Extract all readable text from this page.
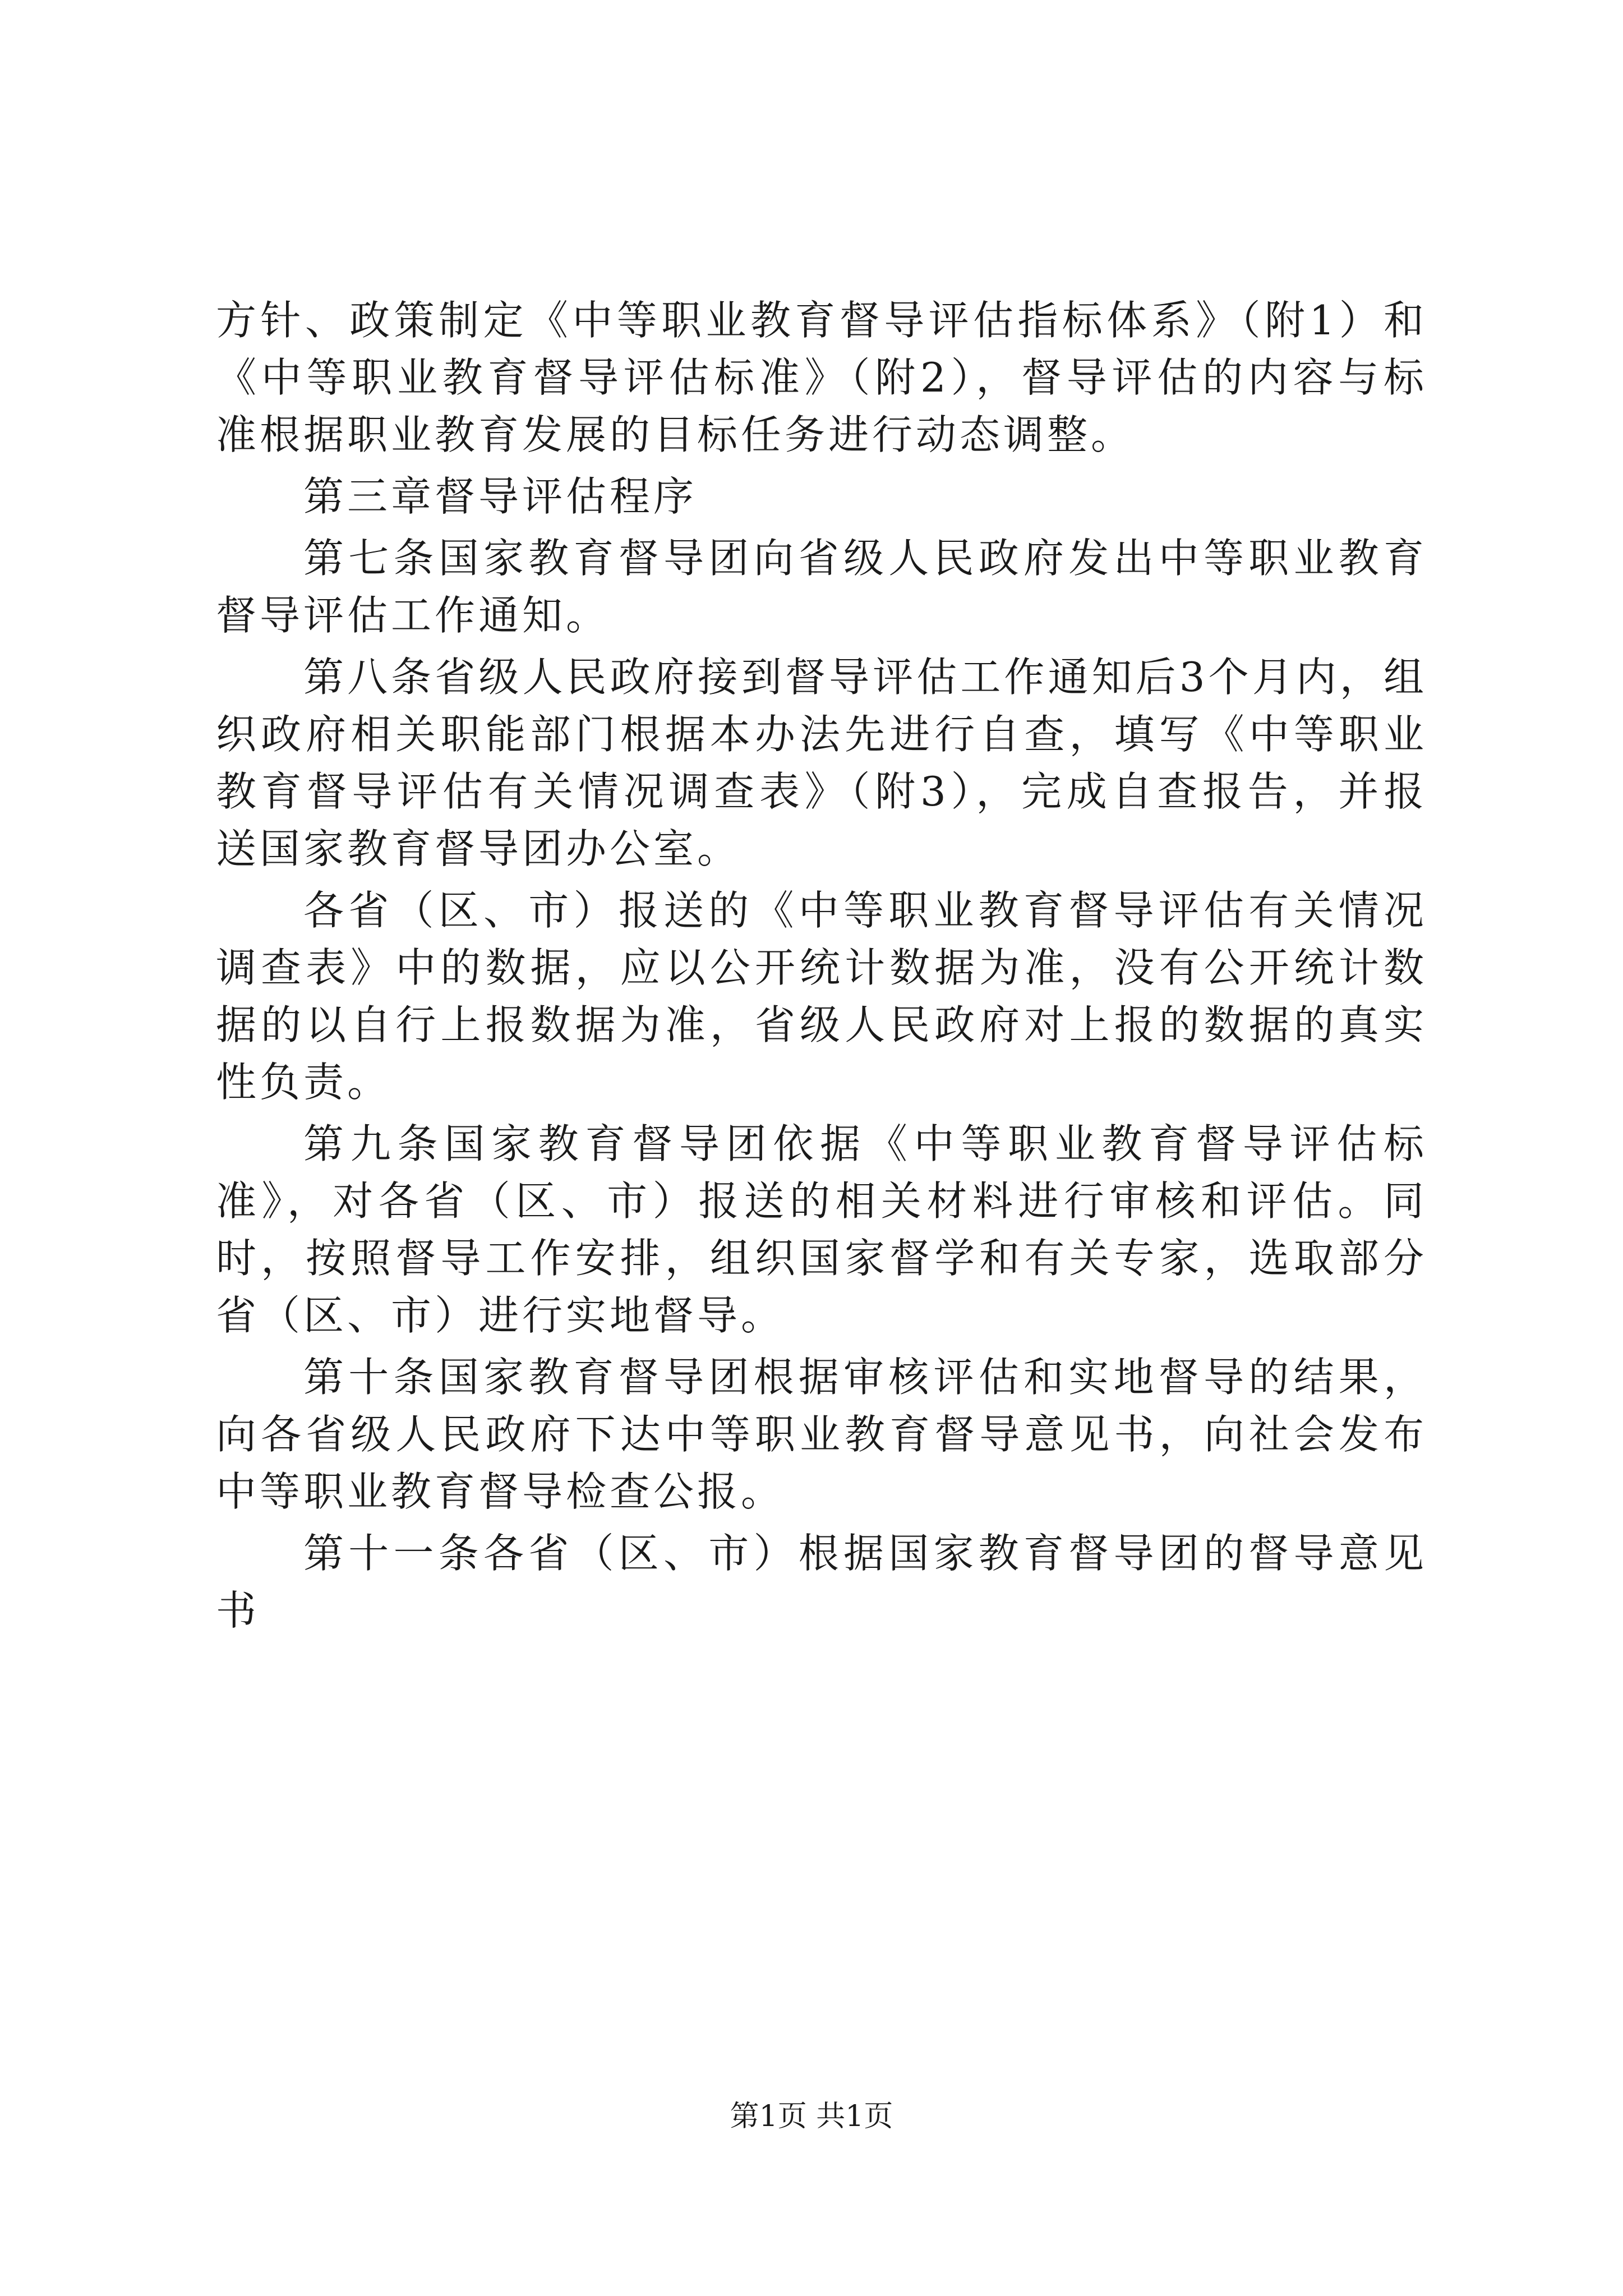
方针、政策制定《中等职业教育督导评估指标体系》（附1）和《中等职业教育督导评估标准》（附2），督导评估的内容与标准根据职业教育发展的目标任务进行动态调整。

第三章督导评估程序

第七条国家教育督导团向省级人民政府发出中等职业教育督导评估工作通知。

第八条省级人民政府接到督导评估工作通知后3个月内，组织政府相关职能部门根据本办法先进行自查，填写《中等职业教育督导评估有关情况调查表》（附3），完成自查报告，并报送国家教育督导团办公室。

各省（区、市）报送的《中等职业教育督导评估有关情况调查表》中的数据，应以公开统计数据为准，没有公开统计数据的以自行上报数据为准，省级人民政府对上报的数据的真实性负责。

第九条国家教育督导团依据《中等职业教育督导评估标准》，对各省（区、市）报送的相关材料进行审核和评估。同时，按照督导工作安排，组织国家督学和有关专家，选取部分省（区、市）进行实地督导。

第十条国家教育督导团根据审核评估和实地督导的结果，向各省级人民政府下达中等职业教育督导意见书，向社会发布中等职业教育督导检查公报。

第十一条各省（区、市）根据国家教育督导团的督导意见书

第1页 共1页
